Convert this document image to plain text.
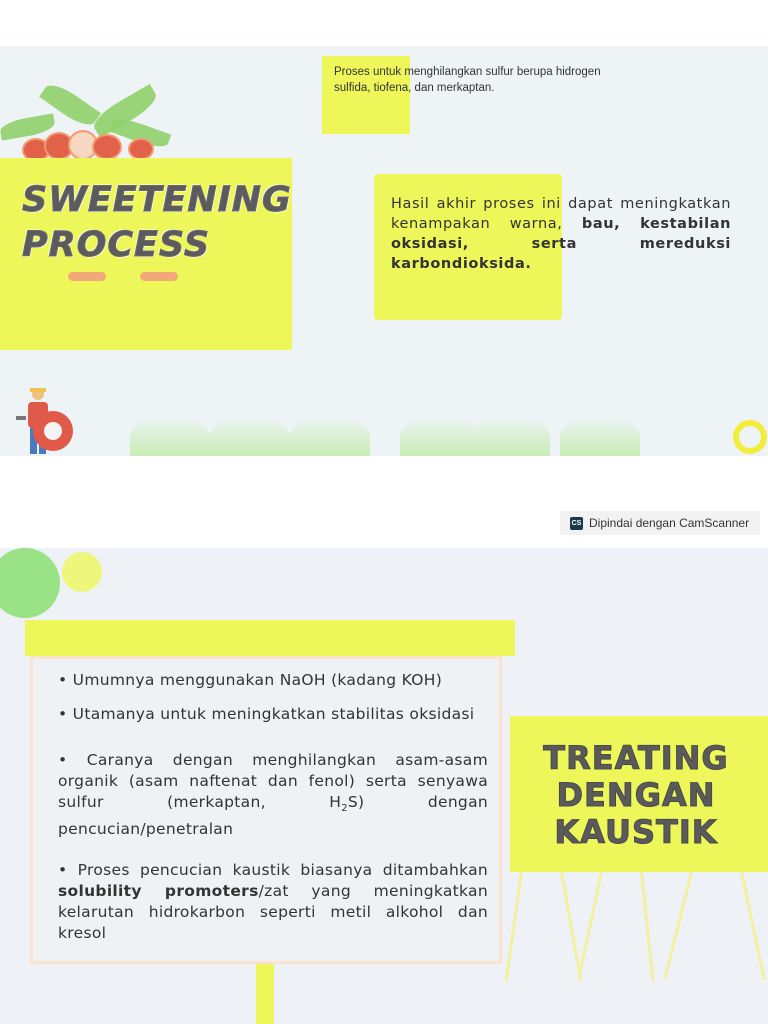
SWEETENING
PROCESS
Proses untuk menghilangkan sulfur berupa hidrogen sulfida, tiofena, dan merkaptan.
Hasil akhir proses ini dapat meningkatkan kenampakan warna, bau, kestabilan oksidasi, serta mereduksi karbondioksida.
CS Dipindai dengan CamScanner

• Umumnya menggunakan NaOH (kadang KOH)

• Utamanya untuk meningkatkan stabilitas oksidasi

• Caranya dengan menghilangkan asam-asam organik (asam naftenat dan fenol) serta senyawa sulfur (merkaptan, $H_2S$) dengan pencucian/penetralan

• Proses pencucian kaustik biasanya ditambahkan solubility promoters/zat yang meningkatkan kelarutan hidrokarbon seperti metil alkohol dan kresol

TREATING
DENGAN
KAUSTIK
